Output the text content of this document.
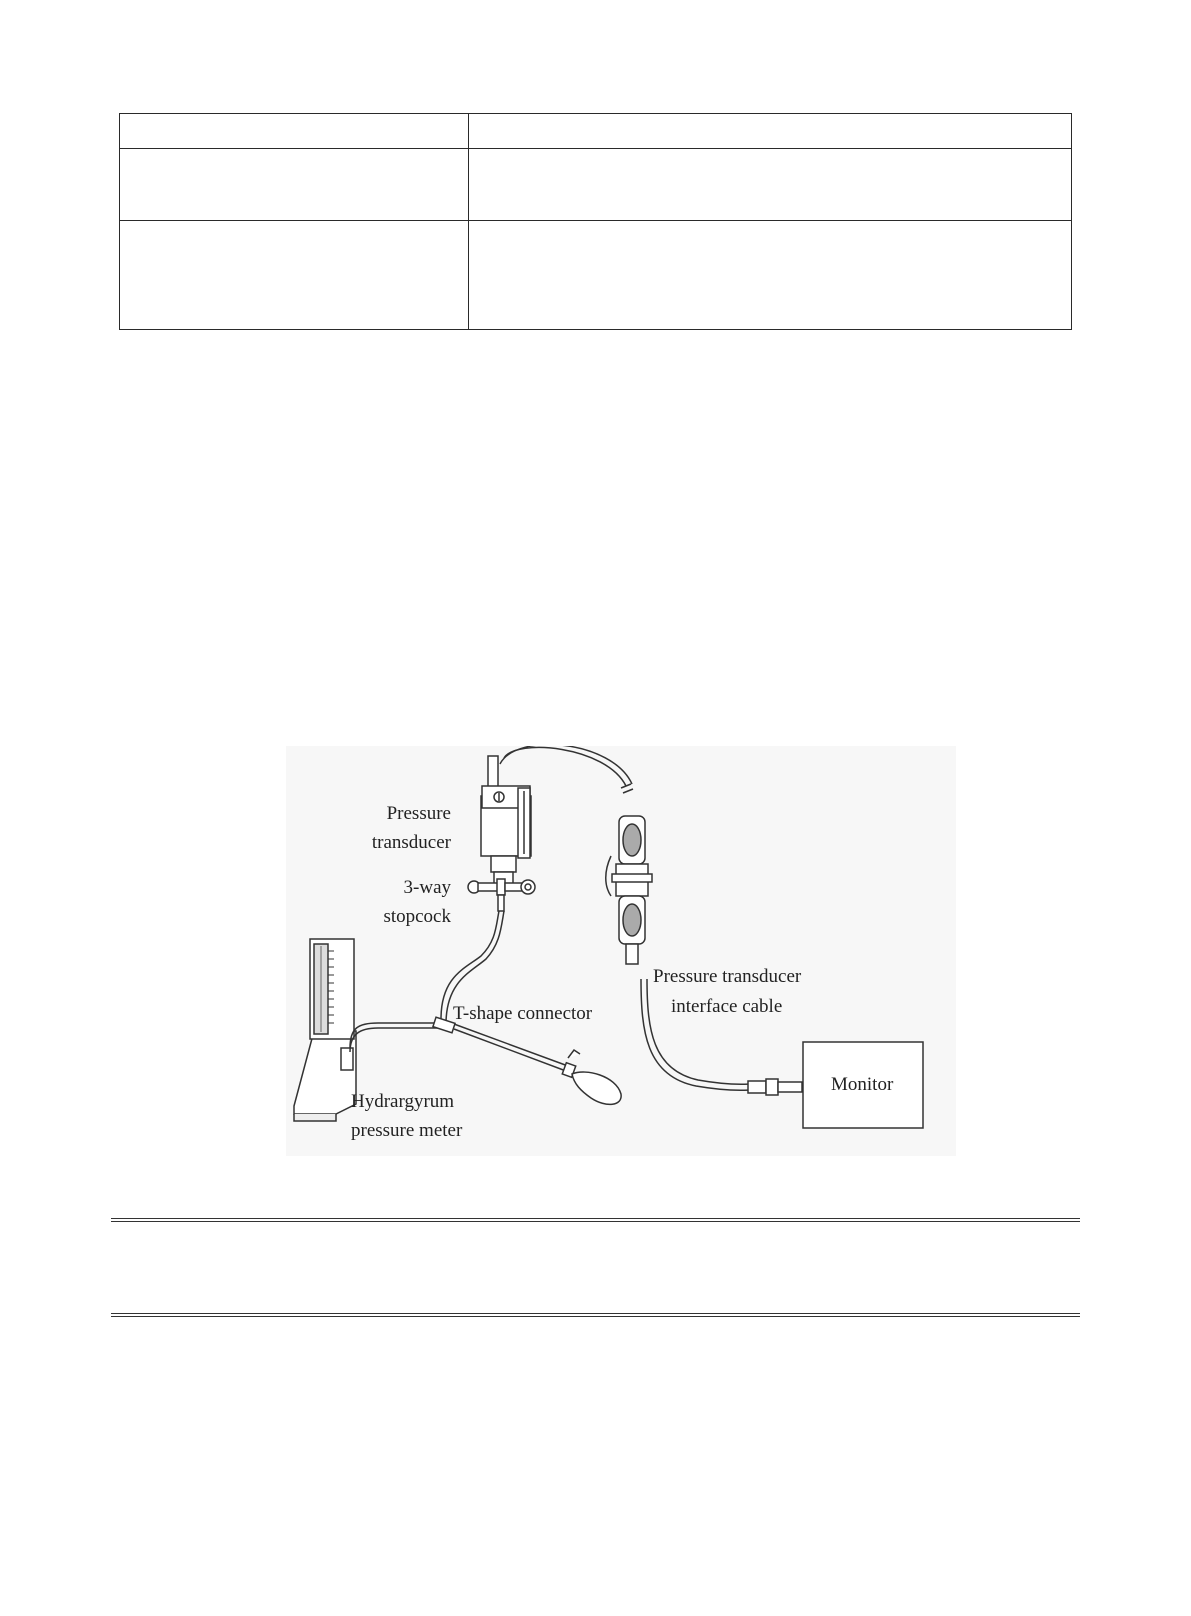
Pressure
transducer
3-way
stopcock
Pressure transducer
interface cable
T-shape connector
Monitor
Hydrargyrum
pressure meter
